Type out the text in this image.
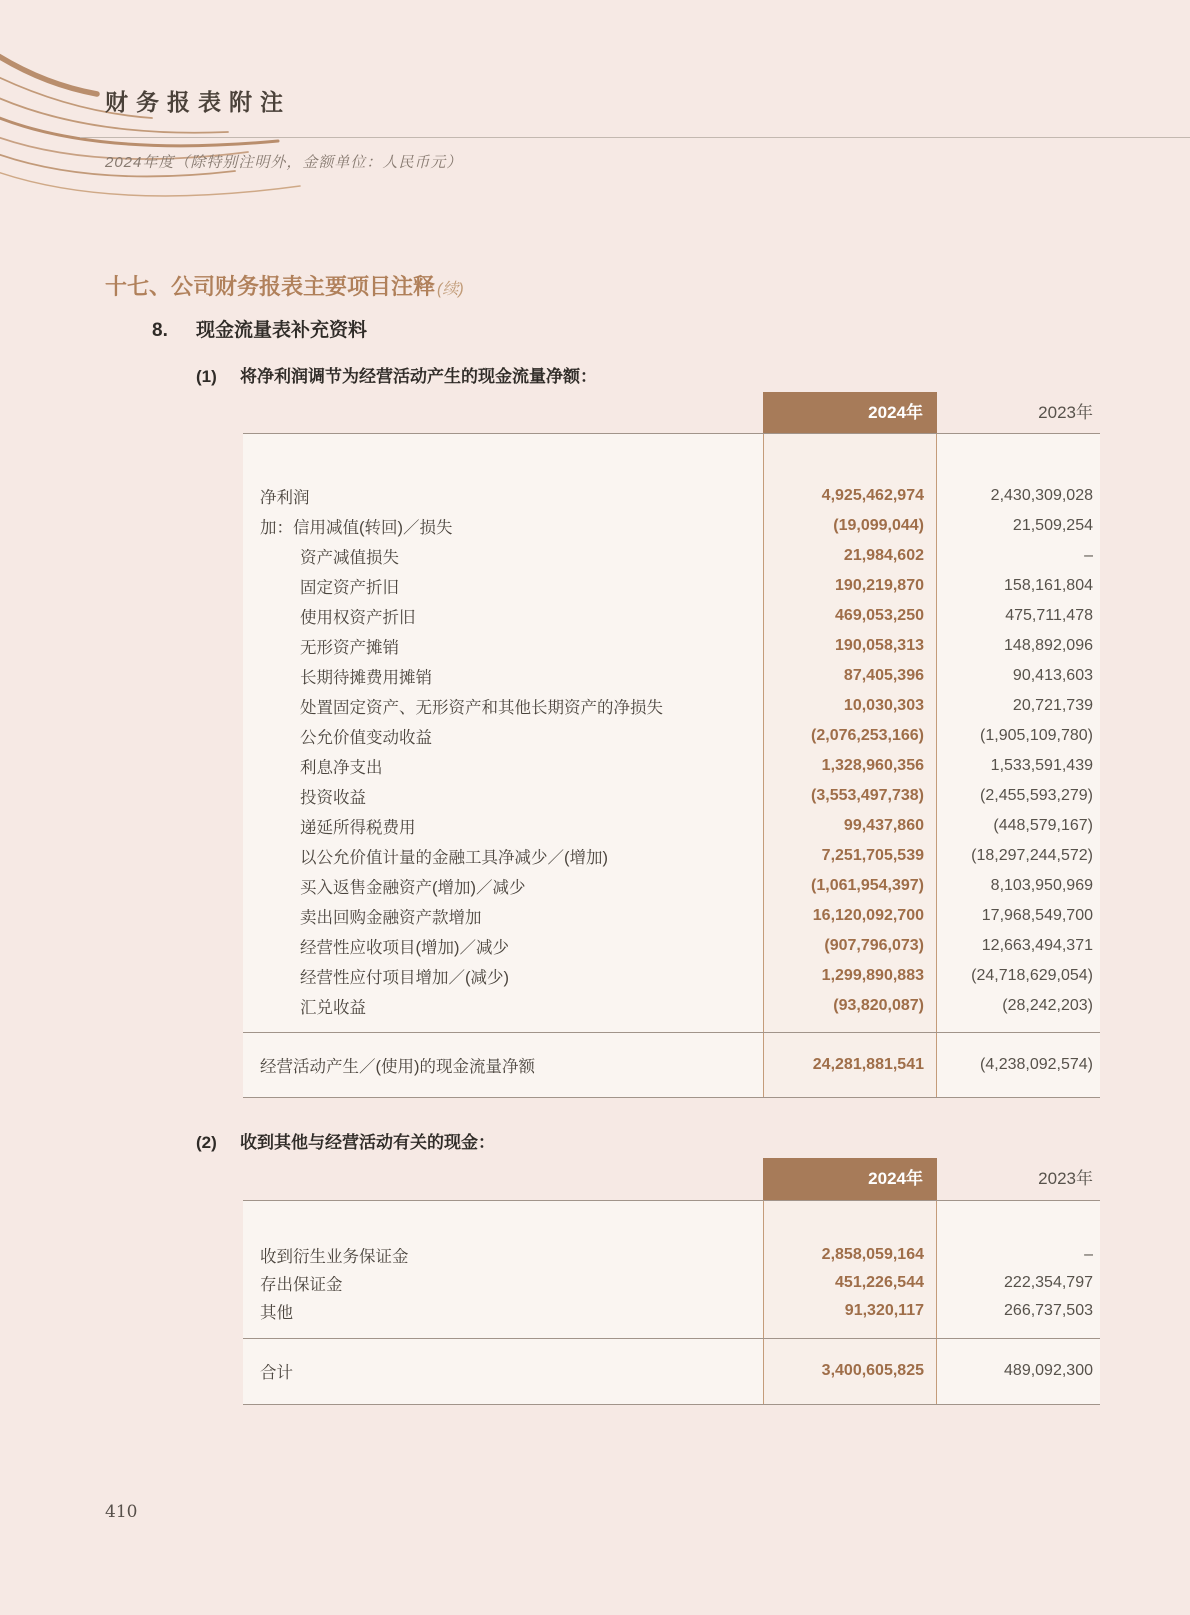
财务报表附注
2024年度（除特别注明外，金额单位：人民币元）
十七、公司财务报表主要项目注释 (续)
8. 现金流量表补充资料
(1) 将净利润调节为经营活动产生的现金流量净额：
2024年	2023年
净利润	4,925,462,974	2,430,309,028
加：信用减值(转回)／损失	(19,099,044)	21,509,254
资产减值损失	21,984,602	–
固定资产折旧	190,219,870	158,161,804
使用权资产折旧	469,053,250	475,711,478
无形资产摊销	190,058,313	148,892,096
长期待摊费用摊销	87,405,396	90,413,603
处置固定资产、无形资产和其他长期资产的净损失	10,030,303	20,721,739
公允价值变动收益	(2,076,253,166)	(1,905,109,780)
利息净支出	1,328,960,356	1,533,591,439
投资收益	(3,553,497,738)	(2,455,593,279)
递延所得税费用	99,437,860	(448,579,167)
以公允价值计量的金融工具净减少／(增加)	7,251,705,539	(18,297,244,572)
买入返售金融资产(增加)／减少	(1,061,954,397)	8,103,950,969
卖出回购金融资产款增加	16,120,092,700	17,968,549,700
经营性应收项目(增加)／减少	(907,796,073)	12,663,494,371
经营性应付项目增加／(减少)	1,299,890,883	(24,718,629,054)
汇兑收益	(93,820,087)	(28,242,203)
经营活动产生／(使用)的现金流量净额	24,281,881,541	(4,238,092,574)
(2) 收到其他与经营活动有关的现金：
2024年	2023年
收到衍生业务保证金	2,858,059,164	–
存出保证金	451,226,544	222,354,797
其他	91,320,117	266,737,503
合计	3,400,605,825	489,092,300
410
